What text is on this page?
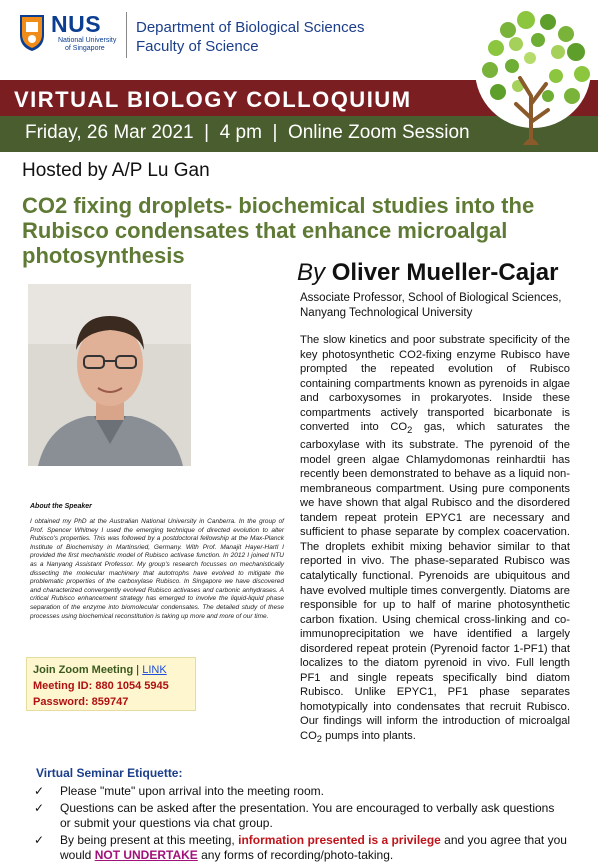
NUS
National University
of Singapore
Department of Biological Sciences
Faculty of Science
VIRTUAL BIOLOGY COLLOQUIUM
Friday, 26 Mar 2021  |  4 pm  |  Online Zoom Session
Hosted by A/P Lu Gan
CO2 fixing droplets- biochemical studies into the
Rubisco condensates that enhance microalgal
photosynthesis
By Oliver Mueller-Cajar
Associate Professor, School of Biological Sciences,
Nanyang Technological University
About the Speaker
I obtained my PhD at the Australian National University in Canberra. In the group of Prof. Spencer Whitney I used the emerging technique of directed evolution to alter Rubisco's properties. This was followed by a postdoctoral fellowship at the Max-Planck Institute of Biochemistry in Martinsried, Germany. With Prof. Manajit Hayer-Hartl I provided the first mechanistic model of Rubisco activase function. In 2012 I joined NTU as a Nanyang Assistant Professor. My group's research focusses on mechanistically dissecting the molecular machinery that autotrophs have evolved to mitigate the problematic properties of the carboxylase Rubisco. In Singapore we have discovered and characterized convergently evolved Rubisco activases and carbonic anhydrases. A critical Rubisco enhancement strategy has emerged to involve the liquid-liquid phase separation of the enzyme into biomolecular condensates. The detailed study of these processes using biochemical reconstitution is taking up more and more of our time.
The slow kinetics and poor substrate specificity of the key photosynthetic CO2-fixing enzyme Rubisco have prompted the repeated evolution of Rubisco containing compartments known as pyrenoids in algae and carboxysomes in prokaryotes. Inside these compartments actively transported bicarbonate is converted into $CO_2$ gas, which saturates the carboxylase with its substrate. The pyrenoid of the model green algae Chlamydomonas reinhardtii has recently been demonstrated to behave as a liquid non-membraneous compartment. Using pure components we have shown that algal Rubisco and the disordered tandem repeat protein EPYC1 are necessary and sufficient to phase separate by complex coacervation. The droplets exhibit mixing behavior similar to that reported in vivo. The phase-separated Rubisco was catalytically functional. Pyrenoids are ubiquitous and have evolved multiple times convergently. Diatoms are responsible for up to half of marine photosynthetic carbon fixation. Using chemical cross-linking and co-immunoprecipitation we have identified a largely disordered repeat protein (Pyrenoid factor 1-PF1) that localizes to the diatom pyrenoid in vivo. Full length PF1 and single repeats specifically bind diatom Rubisco. Unlike EPYC1, PF1 phase separates homotypically into condensates that recruit Rubisco. Our findings will inform the introduction of microalgal $CO_2$ pumps into plants.
Join Zoom Meeting | LINK
Meeting ID: 880 1054 5945
Password: 859747
Virtual Seminar Etiquette:
✓ Please "mute" upon arrival into the meeting room.
✓ Questions can be asked after the presentation. You are encouraged to verbally ask questions
or submit your questions via chat group.
✓ By being present at this meeting, information presented is a privilege and you agree that you
would NOT UNDERTAKE any forms of recording/photo-taking.
